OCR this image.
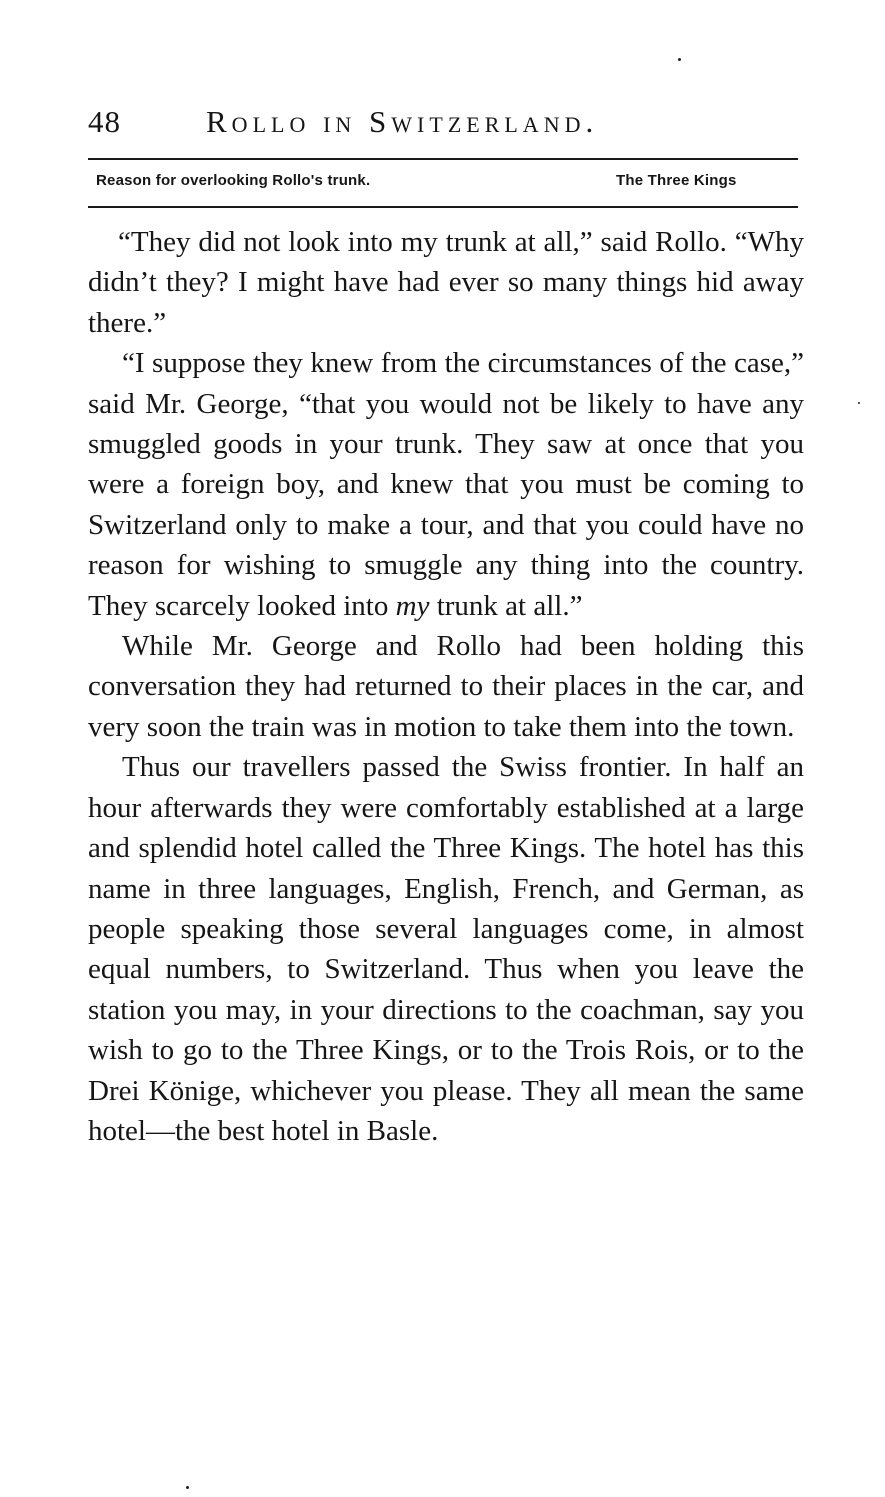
48	Rollo in Switzerland.
Reason for overlooking Rollo's trunk.	The Three Kings

“They did not look into my trunk at all,” said Rollo. “Why didn’t they? I might have had ever so many things hid away there.”

“I suppose they knew from the circumstances of the case,” said Mr. George, “that you would not be likely to have any smuggled goods in your trunk. They saw at once that you were a foreign boy, and knew that you must be coming to Switzerland only to make a tour, and that you could have no reason for wishing to smuggle any thing into the country. They scarcely looked into my trunk at all.”

While Mr. George and Rollo had been holding this conversation they had returned to their places in the car, and very soon the train was in motion to take them into the town.

Thus our travellers passed the Swiss frontier. In half an hour afterwards they were comfortably established at a large and splendid hotel called the Three Kings. The hotel has this name in three languages, English, French, and German, as people speaking those several languages come, in almost equal numbers, to Switzerland. Thus when you leave the station you may, in your directions to the coachman, say you wish to go to the Three Kings, or to the Trois Rois, or to the Drei Könige, whichever you please. They all mean the same hotel—the best hotel in Basle.
